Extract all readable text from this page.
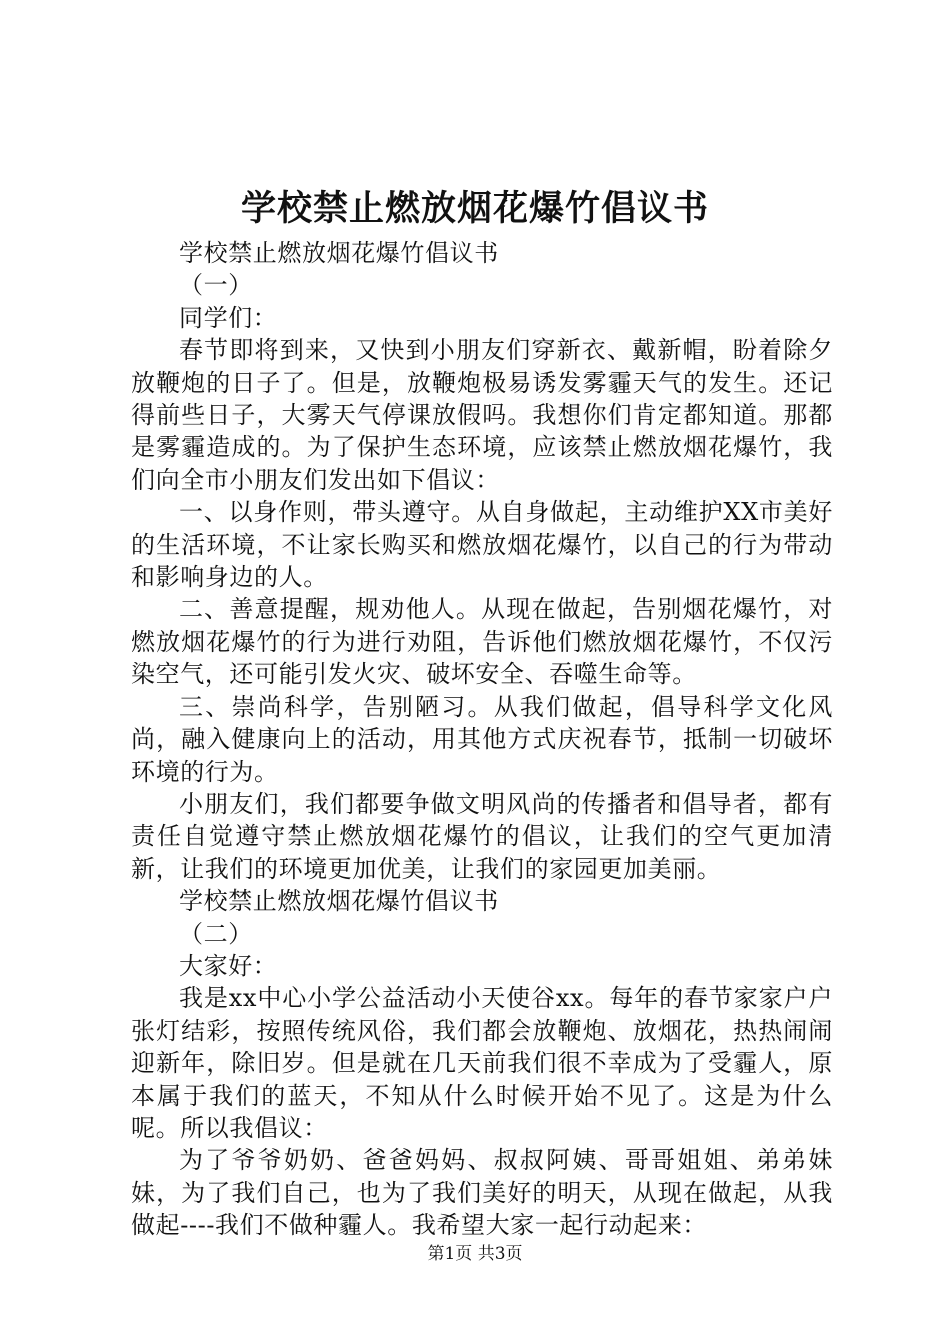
学校禁止燃放烟花爆竹倡议书

学校禁止燃放烟花爆竹倡议书

（一）

同学们：

春节即将到来，又快到小朋友们穿新衣、戴新帽，盼着除夕放鞭炮的日子了。但是，放鞭炮极易诱发雾霾天气的发生。还记得前些日子，大雾天气停课放假吗。我想你们肯定都知道。那都是雾霾造成的。为了保护生态环境，应该禁止燃放烟花爆竹，我们向全市小朋友们发出如下倡议：

一、以身作则，带头遵守。从自身做起，主动维护XX市美好的生活环境，不让家长购买和燃放烟花爆竹，以自己的行为带动和影响身边的人。

二、善意提醒，规劝他人。从现在做起，告别烟花爆竹，对燃放烟花爆竹的行为进行劝阻，告诉他们燃放烟花爆竹，不仅污染空气，还可能引发火灾、破坏安全、吞噬生命等。

三、崇尚科学，告别陋习。从我们做起，倡导科学文化风尚，融入健康向上的活动，用其他方式庆祝春节，抵制一切破坏环境的行为。

小朋友们，我们都要争做文明风尚的传播者和倡导者，都有责任自觉遵守禁止燃放烟花爆竹的倡议，让我们的空气更加清新，让我们的环境更加优美，让我们的家园更加美丽。

学校禁止燃放烟花爆竹倡议书

（二）

大家好：

我是xx中心小学公益活动小天使谷xx。每年的春节家家户户张灯结彩，按照传统风俗，我们都会放鞭炮、放烟花，热热闹闹迎新年，除旧岁。但是就在几天前我们很不幸成为了受霾人，原本属于我们的蓝天，不知从什么时候开始不见了。这是为什么呢。所以我倡议：

为了爷爷奶奶、爸爸妈妈、叔叔阿姨、哥哥姐姐、弟弟妹妹，为了我们自己，也为了我们美好的明天，从现在做起，从我做起----我们不做种霾人。我希望大家一起行动起来：

第1页 共3页
